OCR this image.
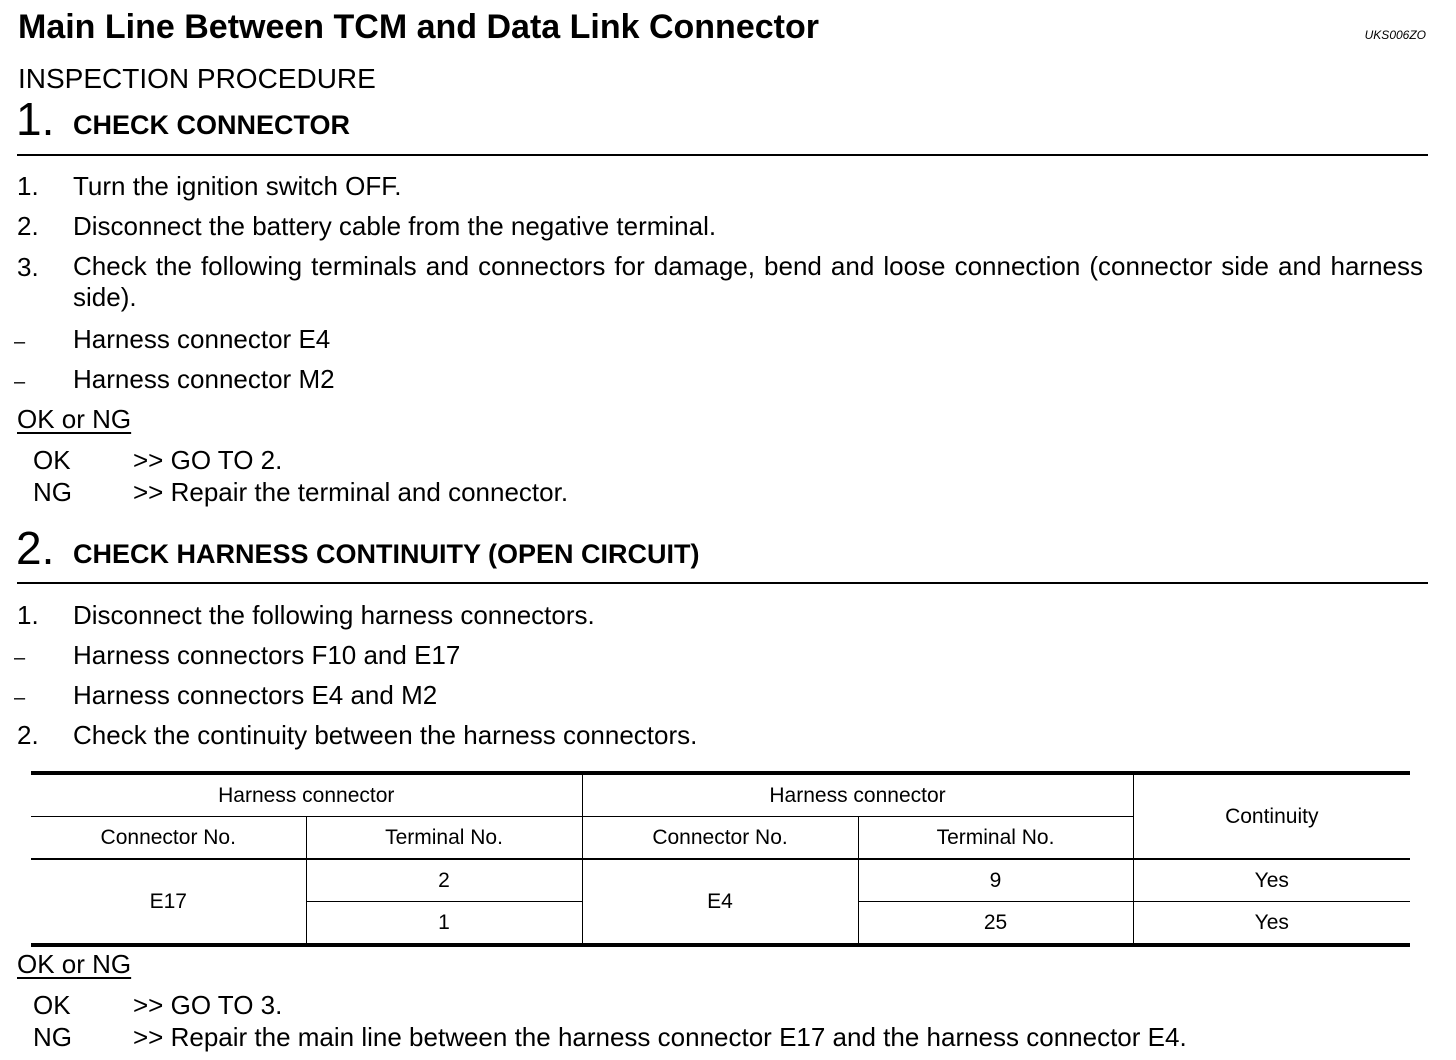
Main Line Between TCM and Data Link Connector	UKS006ZO
INSPECTION PROCEDURE
1. CHECK CONNECTOR
1. Turn the ignition switch OFF.
2. Disconnect the battery cable from the negative terminal.
3. Check the following terminals and connectors for damage, bend and loose connection (connector side and harness side).
– Harness connector E4
– Harness connector M2
OK or NG
OK >> GO TO 2.
NG >> Repair the terminal and connector.
2. CHECK HARNESS CONTINUITY (OPEN CIRCUIT)
1. Disconnect the following harness connectors.
– Harness connectors F10 and E17
– Harness connectors E4 and M2
2. Check the continuity between the harness connectors.
Harness connector		Harness connector		Continuity
Connector No.	Terminal No.	Connector No.	Terminal No.	
E17	2	E4	9	Yes
	1		25	Yes
OK or NG
OK >> GO TO 3.
NG >> Repair the main line between the harness connector E17 and the harness connector E4.
